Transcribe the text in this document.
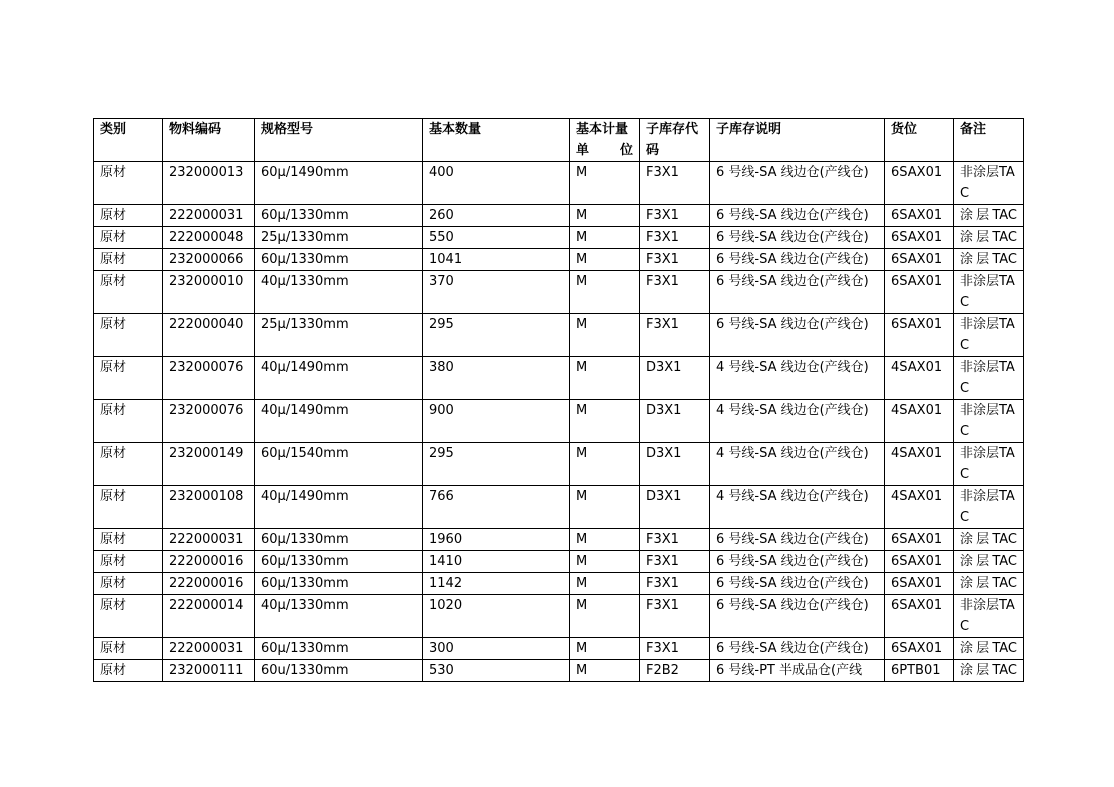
类别	物料编码	规格型号	基本数量	基本计量单位	子库存代码	子库存说明	货位	备注
原材	232000013	60μ/1490mm	400	M	F3X1	6 号线-SA 线边仓(产线仓)	6SAX01	非涂层TAC
原材	222000031	60μ/1330mm	260	M	F3X1	6 号线-SA 线边仓(产线仓)	6SAX01	涂层TAC
原材	222000048	25μ/1330mm	550	M	F3X1	6 号线-SA 线边仓(产线仓)	6SAX01	涂层TAC
原材	232000066	60μ/1330mm	1041	M	F3X1	6 号线-SA 线边仓(产线仓)	6SAX01	涂层TAC
原材	232000010	40μ/1330mm	370	M	F3X1	6 号线-SA 线边仓(产线仓)	6SAX01	非涂层TAC
原材	222000040	25μ/1330mm	295	M	F3X1	6 号线-SA 线边仓(产线仓)	6SAX01	非涂层TAC
原材	232000076	40μ/1490mm	380	M	D3X1	4 号线-SA 线边仓(产线仓)	4SAX01	非涂层TAC
原材	232000076	40μ/1490mm	900	M	D3X1	4 号线-SA 线边仓(产线仓)	4SAX01	非涂层TAC
原材	232000149	60μ/1540mm	295	M	D3X1	4 号线-SA 线边仓(产线仓)	4SAX01	非涂层TAC
原材	232000108	40μ/1490mm	766	M	D3X1	4 号线-SA 线边仓(产线仓)	4SAX01	非涂层TAC
原材	222000031	60μ/1330mm	1960	M	F3X1	6 号线-SA 线边仓(产线仓)	6SAX01	涂层TAC
原材	222000016	60μ/1330mm	1410	M	F3X1	6 号线-SA 线边仓(产线仓)	6SAX01	涂层TAC
原材	222000016	60μ/1330mm	1142	M	F3X1	6 号线-SA 线边仓(产线仓)	6SAX01	涂层TAC
原材	222000014	40μ/1330mm	1020	M	F3X1	6 号线-SA 线边仓(产线仓)	6SAX01	非涂层TAC
原材	222000031	60μ/1330mm	300	M	F3X1	6 号线-SA 线边仓(产线仓)	6SAX01	涂层TAC
原材	232000111	60u/1330mm	530	M	F2B2	6 号线-PT 半成品仓(产线	6PTB01	涂层TAC
